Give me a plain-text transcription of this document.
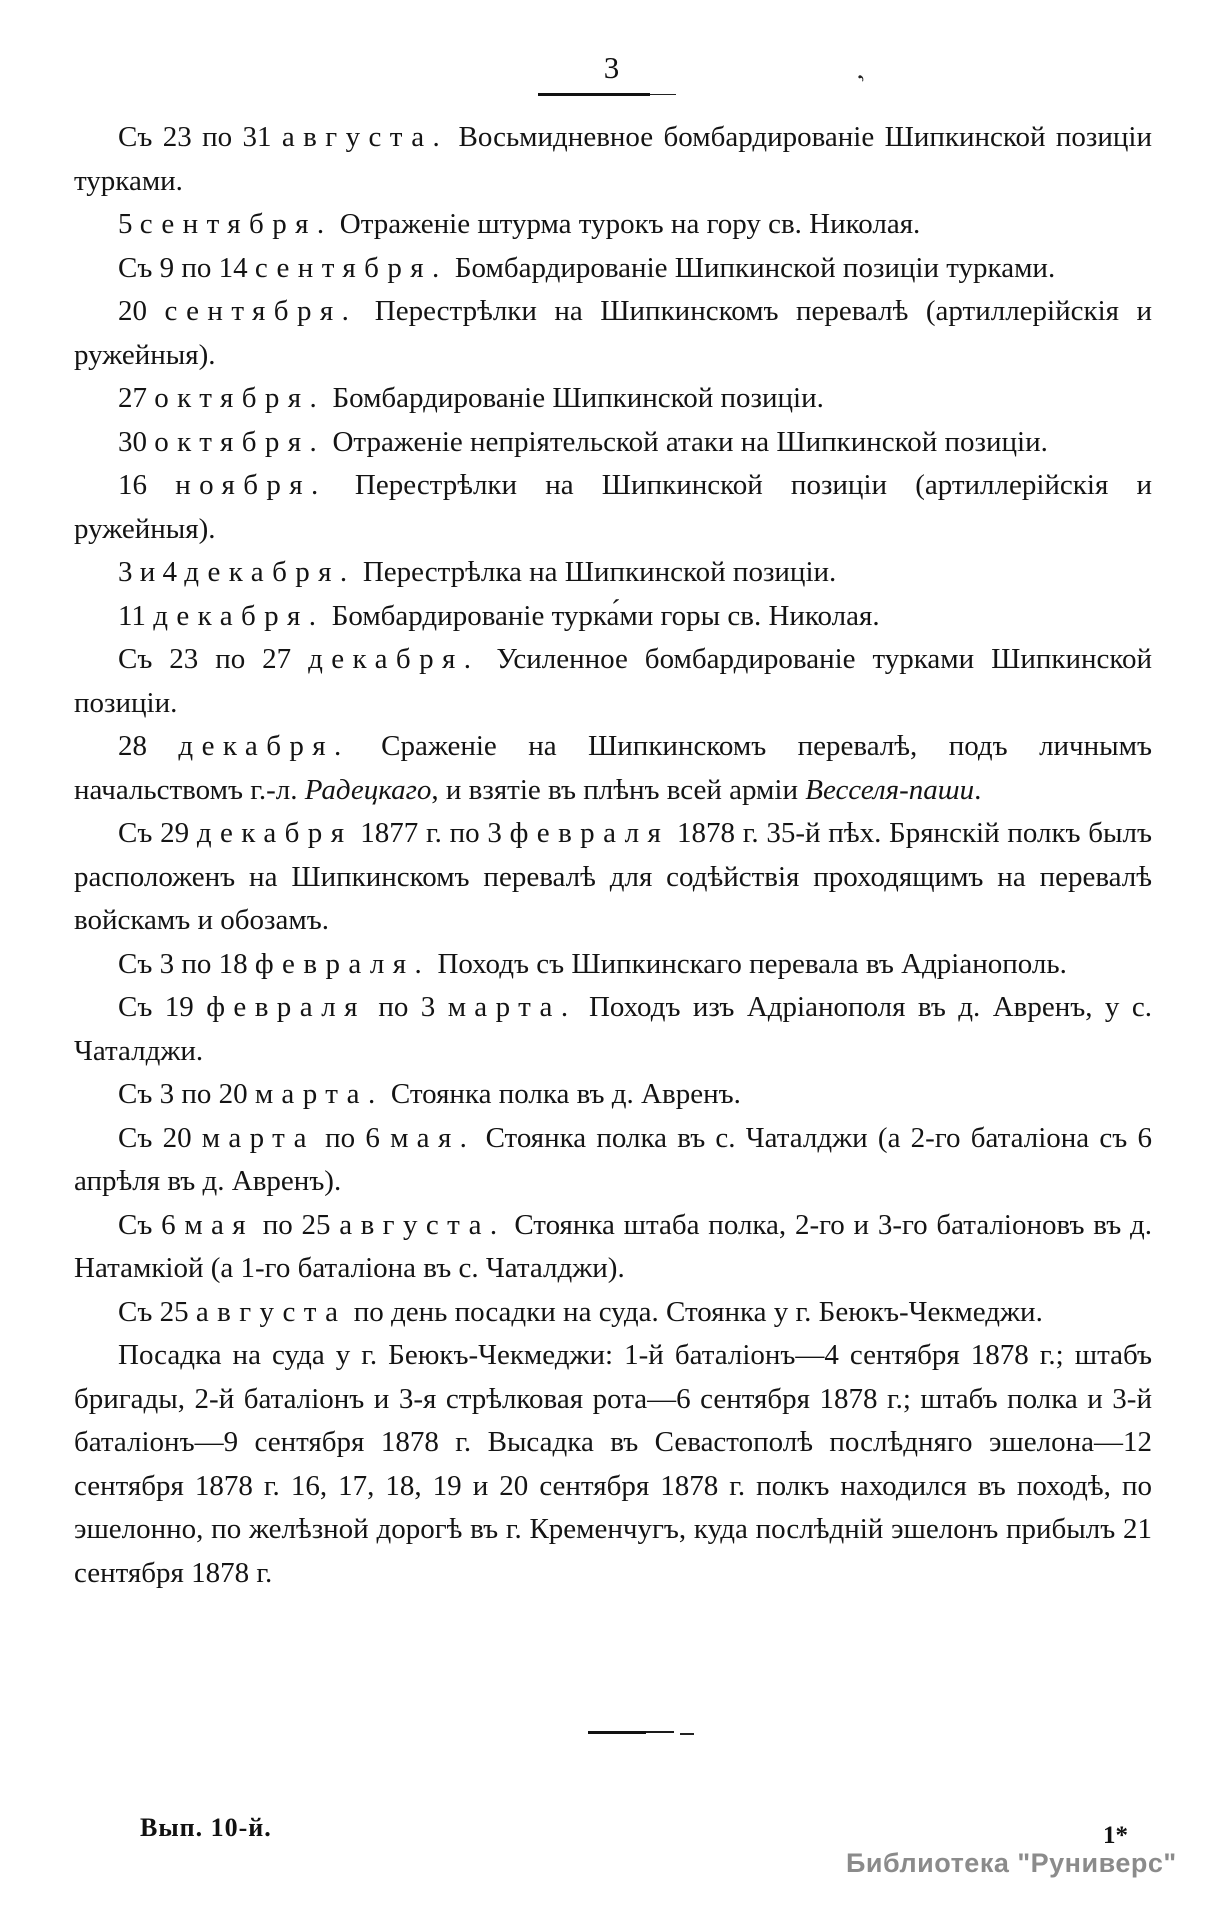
3	‚

Съ 23 по 31 августа. Восьмидневное бомбардированіе Шипкинской позиціи турками.

5 сентября. Отраженіе штурма турокъ на гору св. Николая.

Съ 9 по 14 сентября. Бомбардированіе Шипкинской позиціи турками.

20 сентября. Перестрѣлки на Шипкинскомъ перевалѣ (артиллерійскія и ружейныя).

27 октября. Бомбардированіе Шипкинской позиціи.

30 октября. Отраженіе непріятельской атаки на Шипкинской позиціи.

16 ноября. Перестрѣлки на Шипкинской позиціи (артиллерійскія и ружейныя).

3 и 4 декабря. Перестрѣлка на Шипкинской позиціи.

11 декабря. Бомбардированіе турка́ми горы св. Николая.

Съ 23 по 27 декабря. Усиленное бомбардированіе турками Шипкинской позиціи.

28 декабря. Сраженіе на Шипкинскомъ перевалѣ, подъ личнымъ начальствомъ г.-л. Радецкаго, и взятіе въ плѣнъ всей арміи Весселя-паши.

Съ 29 декабря 1877 г. по 3 февраля 1878 г. 35-й пѣх. Брянскій полкъ былъ расположенъ на Шипкинскомъ перевалѣ для содѣйствія проходящимъ на перевалѣ войскамъ и обозамъ.

Съ 3 по 18 февраля. Походъ съ Шипкинскаго перевала въ Адріанополь.

Съ 19 февраля по 3 марта. Походъ изъ Адріанополя въ д. Авренъ, у с. Чаталджи.

Съ 3 по 20 марта. Стоянка полка въ д. Авренъ.

Съ 20 марта по 6 мая. Стоянка полка въ с. Чаталджи (а 2-го баталіона съ 6 апрѣля въ д. Авренъ).

Съ 6 мая по 25 августа. Стоянка штаба полка, 2-го и 3-го баталіоновъ въ д. Натамкіой (а 1-го баталіона въ с. Чаталджи).

Съ 25 августа по день посадки на суда. Стоянка у г. Беюкъ-Чекмеджи.

Посадка на суда у г. Беюкъ-Чекмеджи: 1-й баталіонъ—4 сентября 1878 г.; штабъ бригады, 2-й баталіонъ и 3-я стрѣлковая рота—6 сентября 1878 г.; штабъ полка и 3-й баталіонъ—9 сентября 1878 г. Высадка въ Севастополѣ послѣдняго эшелона—12 сентября 1878 г. 16, 17, 18, 19 и 20 сентября 1878 г. полкъ находился въ походѣ, по эшелонно, по желѣзной дорогѣ въ г. Кременчугъ, куда послѣдній эшелонъ прибылъ 21 сентября 1878 г.

Вып. 10-й.	1*
Библиотека "Руниверс"
